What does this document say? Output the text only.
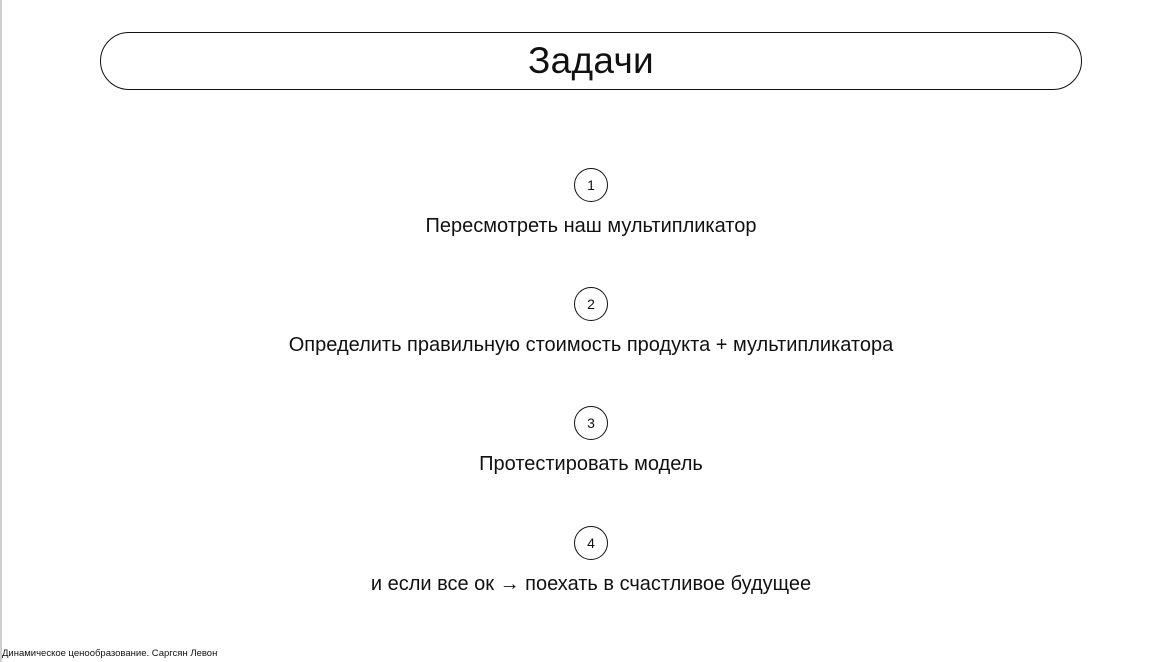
Задачи
1
Пересмотреть наш мультипликатор
2
Определить правильную стоимость продукта + мультипликатора
3
Протестировать модель
4
и если все ок → поехать в счастливое будущее
Динамическое ценообразование. Саргсян Левон
